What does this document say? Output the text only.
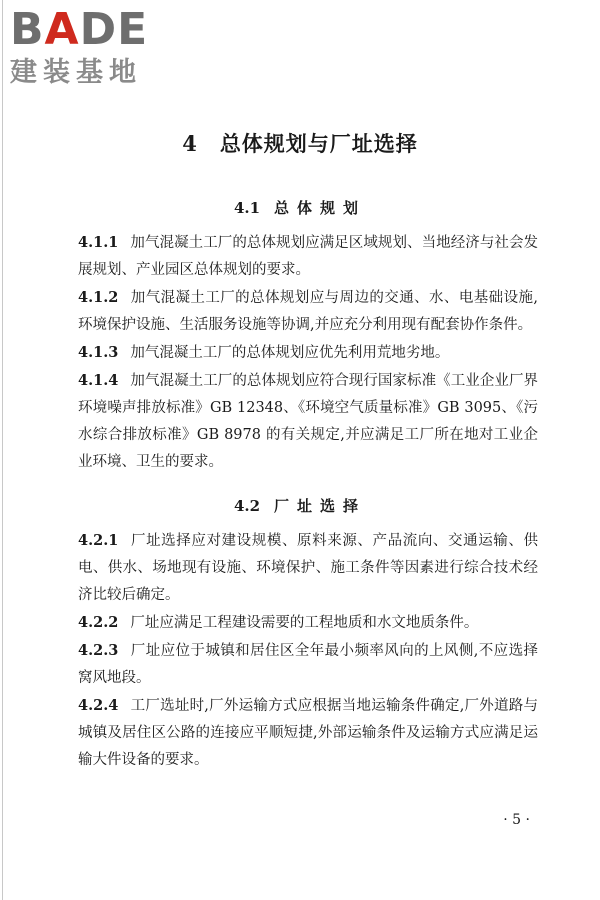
BADE
建装基地
4 总体规划与厂址选择
4.1 总体规划

4.1.1 加气混凝土工厂的总体规划应满足区域规划、当地经济与社会发展规划、产业园区总体规划的要求。

4.1.2 加气混凝土工厂的总体规划应与周边的交通、水、电基础设施,环境保护设施、生活服务设施等协调,并应充分利用现有配套协作条件。

4.1.3 加气混凝土工厂的总体规划应优先利用荒地劣地。

4.1.4 加气混凝土工厂的总体规划应符合现行国家标准《工业企业厂界环境噪声排放标准》GB 12348、《环境空气质量标准》GB 3095、《污水综合排放标准》GB 8978 的有关规定,并应满足工厂所在地对工业企业环境、卫生的要求。

4.2 厂址选择

4.2.1 厂址选择应对建设规模、原料来源、产品流向、交通运输、供电、供水、场地现有设施、环境保护、施工条件等因素进行综合技术经济比较后确定。

4.2.2 厂址应满足工程建设需要的工程地质和水文地质条件。

4.2.3 厂址应位于城镇和居住区全年最小频率风向的上风侧,不应选择窝风地段。

4.2.4 工厂选址时,厂外运输方式应根据当地运输条件确定,厂外道路与城镇及居住区公路的连接应平顺短捷,外部运输条件及运输方式应满足运输大件设备的要求。

· 5 ·
